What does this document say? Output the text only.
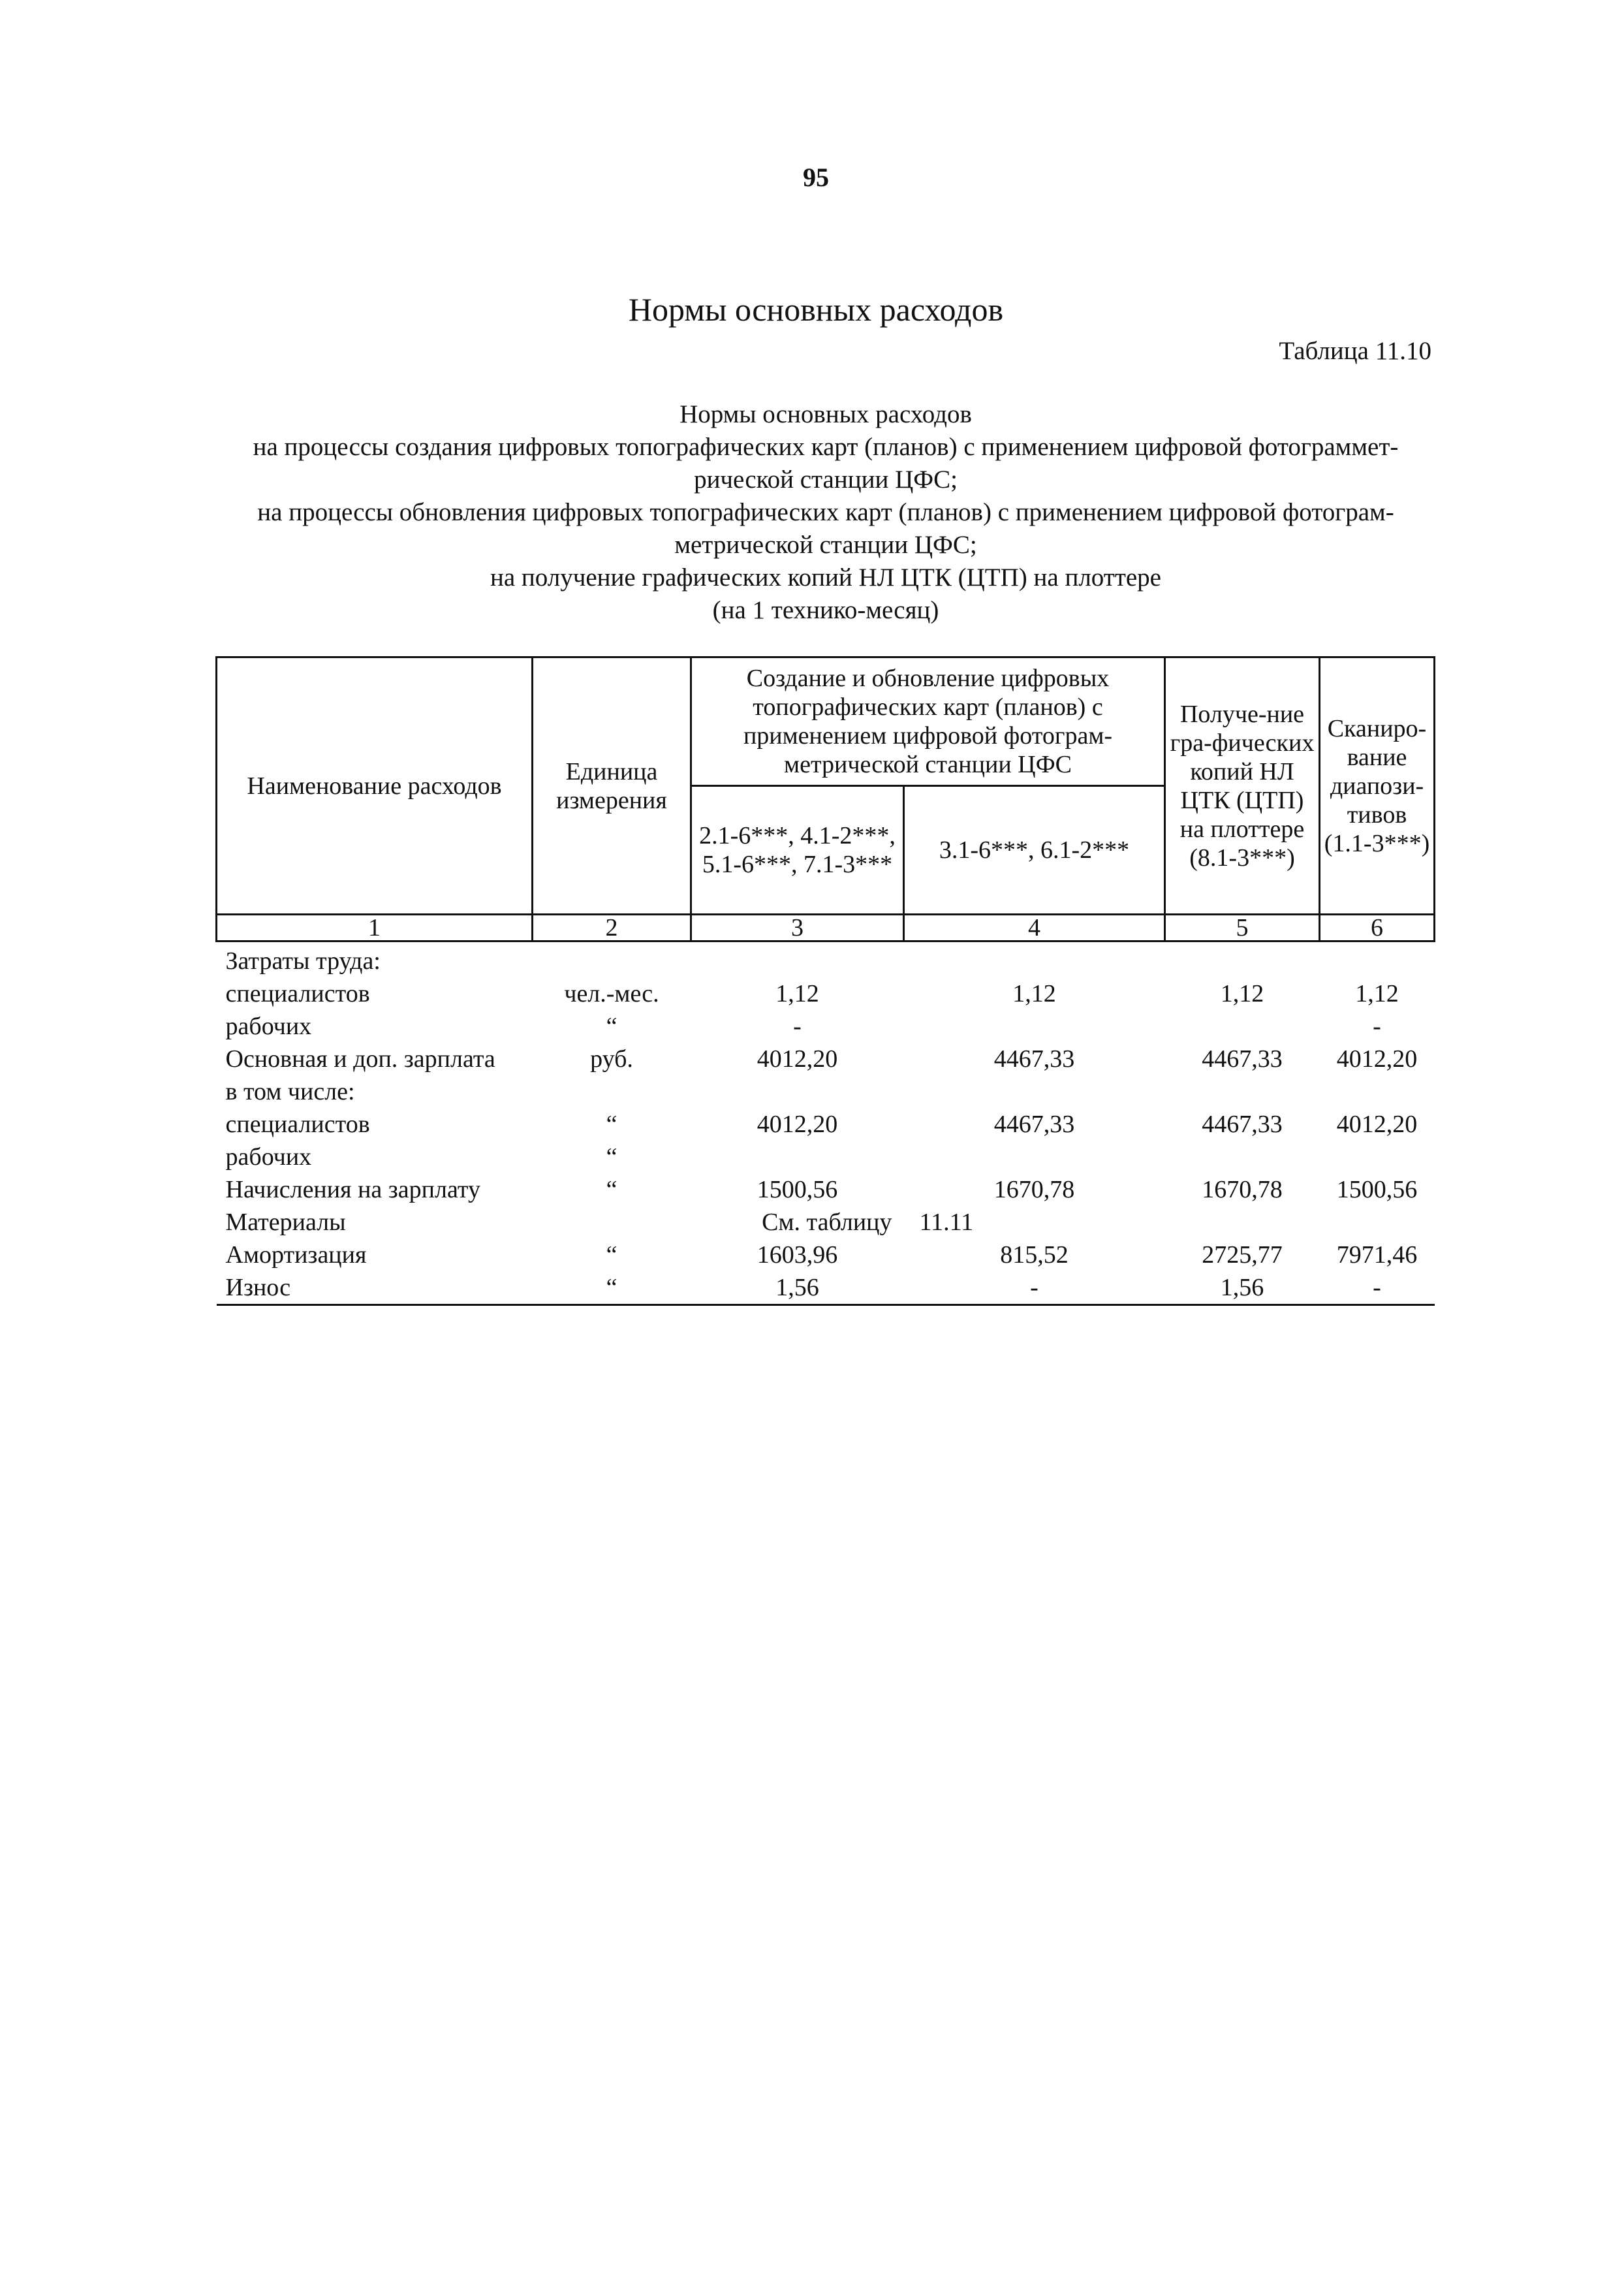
95
Нормы основных расходов
Таблица 11.10
Нормы основных расходов
на процессы создания цифровых топографических карт (планов) с применением цифровой фотограммет-
рической станции ЦФС;
на процессы обновления цифровых топографических карт (планов) с применением цифровой фотограм-
метрической станции ЦФС;
на получение графических копий НЛ ЦТК (ЦТП) на плоттере
(на 1 технико-месяц)
Наименование расходов	Единица измерения	Создание и обновление цифровых топографических карт (планов) с применением цифровой фотограм-метрической станции ЦФС		Получе-ние гра-фических копий НЛ ЦТК (ЦТП) на плоттере (8.1-3***)	Сканиро-вание диапози-тивов (1.1-3***)
		2.1-6***, 4.1-2***, 5.1-6***, 7.1-3***	3.1-6***, 6.1-2***		
1	2	3	4	5	6
Затраты труда:					
специалистов	чел.-мес.	1,12	1,12	1,12	1,12
рабочих	“	-			-
Основная и доп. зарплата	руб.	4012,20	4467,33	4467,33	4012,20
в том числе:					
специалистов	“	4012,20	4467,33	4467,33	4012,20
рабочих	“				
Начисления на зарплату	“	1500,56	1670,78	1670,78	1500,56
Материалы		См. таблицу	11.11		
Амортизация	“	1603,96	815,52	2725,77	7971,46
Износ	“	1,56	-	1,56	-
